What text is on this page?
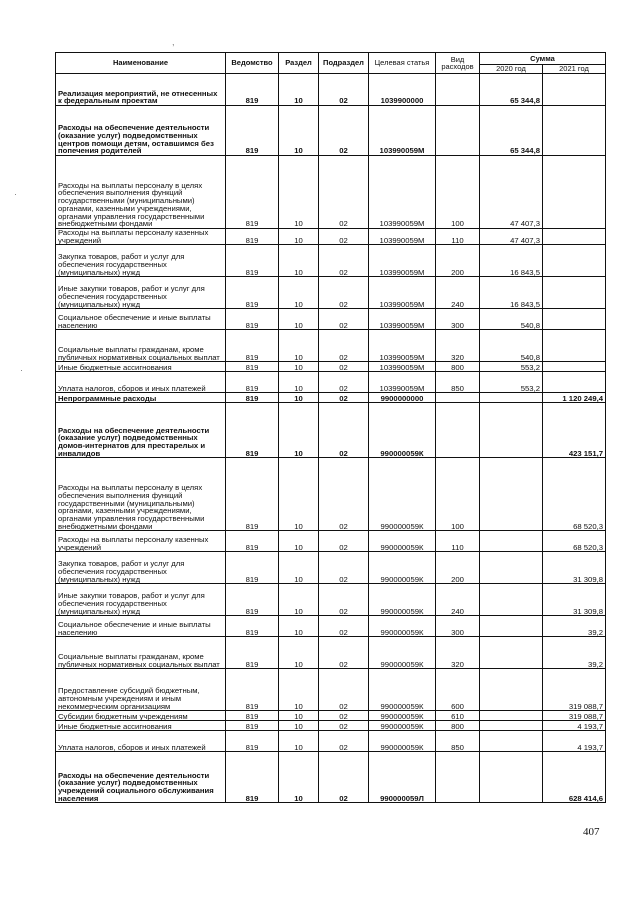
,
·
·
Наименование	Ведомство	Раздел	Подраздел	Целевая статья	Вид расходов	Сумма	
						2020 год	2021 год
Реализация мероприятий, не отнесенных к федеральным проектам	819	10	02	1039900000		65 344,8	
Расходы на обеспечение деятельности (оказание услуг) подведомственных центров помощи детям, оставшимся без попечения родителей	819	10	02	103990059М		65 344,8	
Расходы на выплаты персоналу в целях обеспечения выполнения функций государственными (муниципальными) органами, казенными учреждениями, органами управления государственными внебюджетными фондами	819	10	02	103990059М	100	47 407,3	
Расходы на выплаты персоналу казенных учреждений	819	10	02	103990059М	110	47 407,3	
Закупка товаров, работ и услуг для обеспечения государственных (муниципальных) нужд	819	10	02	103990059М	200	16 843,5	
Иные закупки товаров, работ и услуг для обеспечения государственных (муниципальных) нужд	819	10	02	103990059М	240	16 843,5	
Социальное обеспечение и иные выплаты населению	819	10	02	103990059М	300	540,8	
Социальные выплаты гражданам, кроме публичных нормативных социальных выплат	819	10	02	103990059М	320	540,8	
Иные бюджетные ассигнования	819	10	02	103990059М	800	553,2	
Уплата налогов, сборов и иных платежей	819	10	02	103990059М	850	553,2	
Непрограммные расходы	819	10	02	9900000000			1 120 249,4
Расходы на обеспечение деятельности (оказание услуг) подведомственных домов-интернатов для престарелых и инвалидов	819	10	02	990000059К			423 151,7
Расходы на выплаты персоналу в целях обеспечения выполнения функций государственными (муниципальными) органами, казенными учреждениями, органами управления государственными внебюджетными фондами	819	10	02	990000059К	100		68 520,3
Расходы на выплаты персоналу казенных учреждений	819	10	02	990000059К	110		68 520,3
Закупка товаров, работ и услуг для обеспечения государственных (муниципальных) нужд	819	10	02	990000059К	200		31 309,8
Иные закупки товаров, работ и услуг для обеспечения государственных (муниципальных) нужд	819	10	02	990000059К	240		31 309,8
Социальное обеспечение и иные выплаты населению	819	10	02	990000059К	300		39,2
Социальные выплаты гражданам, кроме публичных нормативных социальных выплат	819	10	02	990000059К	320		39,2
Предоставление субсидий бюджетным, автономным учреждениям и иным некоммерческим организациям	819	10	02	990000059К	600		319 088,7
Субсидии бюджетным учреждениям	819	10	02	990000059К	610		319 088,7
Иные бюджетные ассигнования	819	10	02	990000059К	800		4 193,7
Уплата налогов, сборов и иных платежей	819	10	02	990000059К	850		4 193,7
Расходы на обеспечение деятельности (оказание услуг) подведомственных учреждений социального обслуживания населения	819	10	02	990000059Л			628 414,6
407
